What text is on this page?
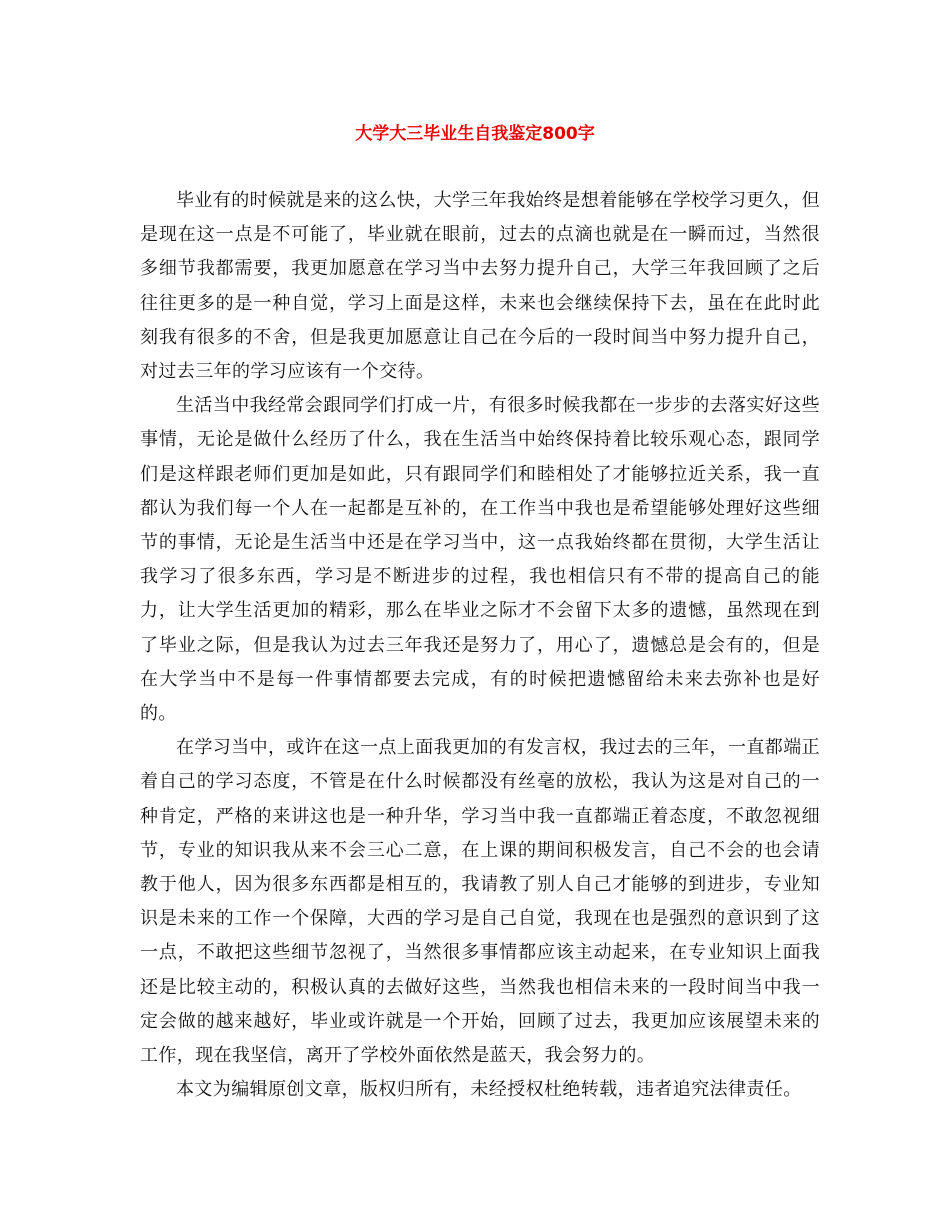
大学大三毕业生自我鉴定800字

毕业有的时候就是来的这么快，大学三年我始终是想着能够在学校学习更久，但是现在这一点是不可能了，毕业就在眼前，过去的点滴也就是在一瞬而过，当然很多细节我都需要，我更加愿意在学习当中去努力提升自己，大学三年我回顾了之后往往更多的是一种自觉，学习上面是这样，未来也会继续保持下去，虽在在此时此刻我有很多的不舍，但是我更加愿意让自己在今后的一段时间当中努力提升自己，对过去三年的学习应该有一个交待。

生活当中我经常会跟同学们打成一片，有很多时候我都在一步步的去落实好这些事情，无论是做什么经历了什么，我在生活当中始终保持着比较乐观心态，跟同学们是这样跟老师们更加是如此，只有跟同学们和睦相处了才能够拉近关系，我一直都认为我们每一个人在一起都是互补的，在工作当中我也是希望能够处理好这些细节的事情，无论是生活当中还是在学习当中，这一点我始终都在贯彻，大学生活让我学习了很多东西，学习是不断进步的过程，我也相信只有不带的提高自己的能力，让大学生活更加的精彩，那么在毕业之际才不会留下太多的遗憾，虽然现在到了毕业之际，但是我认为过去三年我还是努力了，用心了，遗憾总是会有的，但是在大学当中不是每一件事情都要去完成，有的时候把遗憾留给未来去弥补也是好的。

在学习当中，或许在这一点上面我更加的有发言权，我过去的三年，一直都端正着自己的学习态度，不管是在什么时候都没有丝毫的放松，我认为这是对自己的一种肯定，严格的来讲这也是一种升华，学习当中我一直都端正着态度，不敢忽视细节，专业的知识我从来不会三心二意，在上课的期间积极发言，自己不会的也会请教于他人，因为很多东西都是相互的，我请教了别人自己才能够的到进步，专业知识是未来的工作一个保障，大西的学习是自己自觉，我现在也是强烈的意识到了这一点，不敢把这些细节忽视了，当然很多事情都应该主动起来，在专业知识上面我还是比较主动的，积极认真的去做好这些，当然我也相信未来的一段时间当中我一定会做的越来越好，毕业或许就是一个开始，回顾了过去，我更加应该展望未来的工作，现在我坚信，离开了学校外面依然是蓝天，我会努力的。

本文为编辑原创文章，版权归所有，未经授权杜绝转载，违者追究法律责任。
